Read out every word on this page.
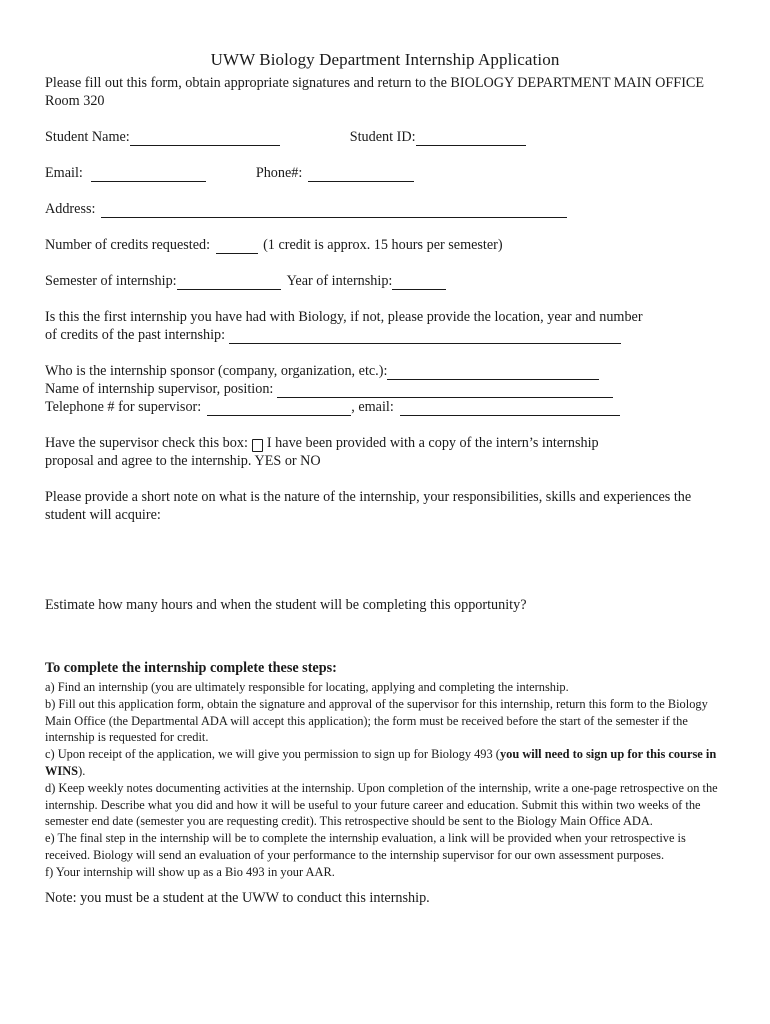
UWW Biology Department Internship Application
Please fill out this form, obtain appropriate signatures and return to the BIOLOGY DEPARTMENT MAIN OFFICE Room 320
Student Name:	Student ID:
Email:	Phone#:
Address:
Number of credits requested:	(1 credit is approx. 15 hours per semester)
Semester of internship:	Year of internship:
Is this the first internship you have had with Biology, if not, please provide the location, year and number
of credits of the past internship:
Who is the internship sponsor (company, organization, etc.):
Name of internship supervisor, position:
Telephone # for supervisor:	, email:
Have the supervisor check this box: I have been provided with a copy of the intern’s internship
proposal and agree to the internship. YES or NO
Please provide a short note on what is the nature of the internship, your responsibilities, skills and experiences the student will acquire:
Estimate how many hours and when the student will be completing this opportunity?
To complete the internship complete these steps:

a) Find an internship (you are ultimately responsible for locating, applying and completing the internship.

b) Fill out this application form, obtain the signature and approval of the supervisor for this internship, return this form to the Biology Main Office (the Departmental ADA will accept this application); the form must be received before the start of the semester if the internship is requested for credit.

c) Upon receipt of the application, we will give you permission to sign up for Biology 493 (you will need to sign up for this course in WINS).

d) Keep weekly notes documenting activities at the internship. Upon completion of the internship, write a one-page retrospective on the internship. Describe what you did and how it will be useful to your future career and education. Submit this within two weeks of the semester end date (semester you are requesting credit). This retrospective should be sent to the Biology Main Office ADA.

e) The final step in the internship will be to complete the internship evaluation, a link will be provided when your retrospective is received. Biology will send an evaluation of your performance to the internship supervisor for our own assessment purposes.

f) Your internship will show up as a Bio 493 in your AAR.

Note: you must be a student at the UWW to conduct this internship.
